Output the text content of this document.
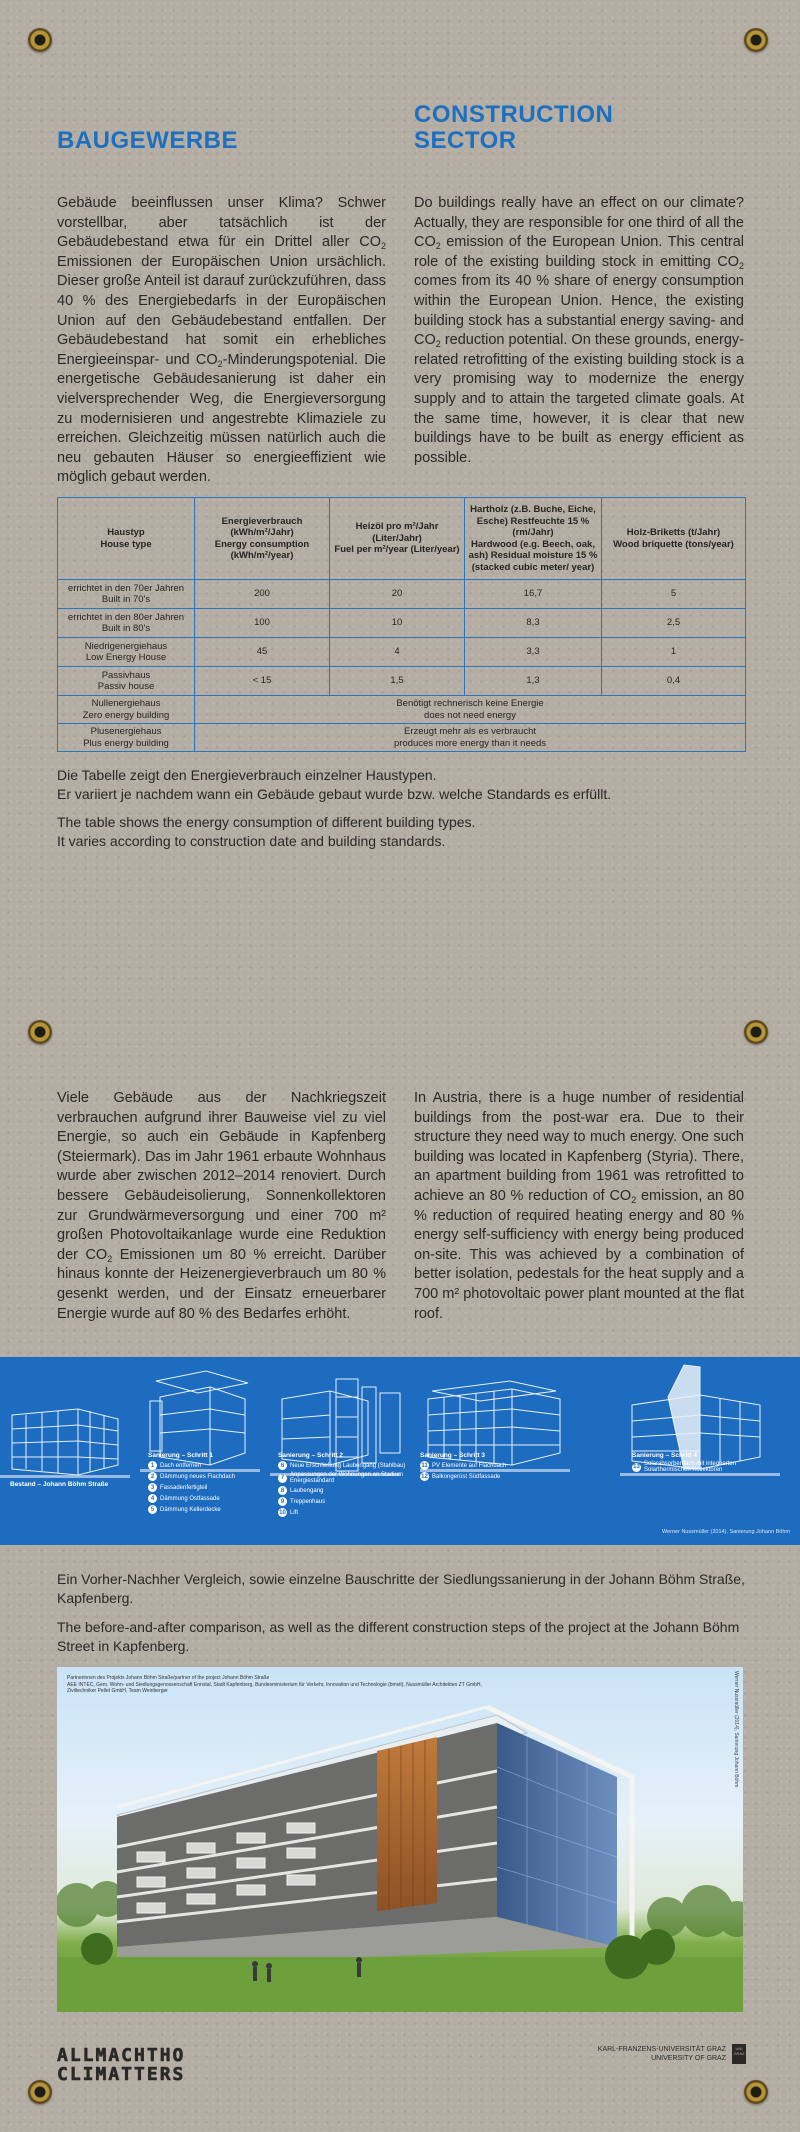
BAUGEWERBE
CONSTRUCTION
SECTOR

Gebäude beeinflussen unser Klima? Schwer vorstellbar, aber tatsächlich ist der Gebäudebestand etwa für ein Drittel aller $CO_2$ Emissionen der Europäischen Union ursächlich. Dieser große Anteil ist darauf zurückzuführen, dass 40 % des Energiebedarfs in der Europäischen Union auf den Gebäudebestand entfallen. Der Gebäudebestand hat somit ein erhebliches Energieeinspar- und $CO_2$-Minderungspotenial. Die energetische Gebäudesanierung ist daher ein vielversprechender Weg, die Energieversorgung zu modernisieren und angestrebte Klimaziele zu erreichen. Gleichzeitig müssen natürlich auch die neu gebauten Häuser so energieeffizient wie möglich gebaut werden.

Do buildings really have an effect on our climate? Actually, they are responsible for one third of all the $CO_2$ emission of the European Union. This central role of the existing building stock in emitting $CO_2$ comes from its 40 % share of energy consumption within the European Union. Hence, the existing building stock has a substantial energy saving- and $CO_2$ reduction potential. On these grounds, energy-related retrofitting of the existing building stock is a very promising way to modernize the energy supply and to attain the targeted climate goals. At the same time, however, it is clear that new buildings have to be built as energy efficient as possible.

Haustyp
House type	Energieverbrauch (kWh/m²/Jahr)
Energy consumption (kWh/m²/year)	Heizöl pro m²/Jahr (Liter/Jahr)
Fuel per m²/year (Liter/year)	Hartholz (z.B. Buche, Eiche, Esche) Restfeuchte 15 % (rm/Jahr)
Hardwood (e.g. Beech, oak, ash) Residual moisture 15 % (stacked cubic meter/ year)	Holz-Briketts (t/Jahr)
Wood briquette (tons/year)

errichtet in den 70er Jahren
Built in 70's	200	20	16,7	5

errichtet in den 80er Jahren
Built in 80's	100	10	8,3	2,5

Niedrigenergiehaus
Low Energy House	45	4	3,3	1

Passivhaus
Passiv house	< 15	1,5	1,3	0,4

Nullenergiehaus
Zero energy building	Benötigt rechnerisch keine Energie
does not need energy			

Plusenergiehaus
Plus energy building	Erzeugt mehr als es verbraucht
produces more energy than it needs			

Die Tabelle zeigt den Energieverbrauch einzelner Haustypen.

Er variiert je nachdem wann ein Gebäude gebaut wurde bzw. welche Standards es erfüllt.

The table shows the energy consumption of different building types.

It varies according to construction date and building standards.

Viele Gebäude aus der Nachkriegszeit verbrauchen aufgrund ihrer Bauweise viel zu viel Energie, so auch ein Gebäude in Kapfenberg (Steiermark). Das im Jahr 1961 erbaute Wohnhaus wurde aber zwischen 2012–2014 renoviert. Durch bessere Gebäudeisolierung, Sonnenkollektoren zur Grundwärmeversorgung und einer 700 m² großen Photovoltaikanlage wurde eine Reduktion der $CO_2$ Emissionen um 80 % erreicht. Darüber hinaus konnte der Heizenergieverbrauch um 80 % gesenkt werden, und der Einsatz erneuerbarer Energie wurde auf 80 % des Bedarfes erhöht.

In Austria, there is a huge number of residential buildings from the post-war era. Due to their structure they need way to much energy. One such building was located in Kapfenberg (Styria). There, an apartment building from 1961 was retrofitted to achieve an 80 % reduction of $CO_2$ emission, an 80 % reduction of required heating energy and 80 % energy self-sufficiency with energy being produced on-site. This was achieved by a combination of better isolation, pedestals for the heat supply and a 700 m² photovoltaic power plant mounted at the flat roof.

Bestand – Johann Böhm Straße
Sanierung – Schritt 1
1 Dach entfernen
2 Dämmung neues Flachdach
3 Fassadenfertigteil
4 Dämmung Ostfassade
5 Dämmung Kellerdecke
Sanierung – Schritt 2
6 Neue Erschließung Laubengang (Stahlbau)
7 Anpassungen der Wohnungen an Stadium Energiestandard
8 Laubengang
9 Treppenhaus
10 Lift
Sanierung – Schritt 3
11 PV Elemente auf Flachdach
12 Balkongerüst Südfassade
Sanierung – Schritt 4
13 Solarabsorberdach mit integrierten Solarthermischen Kollektoren
Werner Nussmüller (2014), Sanierung Johann Böhm

Ein Vorher-Nachher Vergleich, sowie einzelne Bauschritte der Siedlungssanierung in der Johann Böhm Straße, Kapfenberg.

The before-and-after comparison, as well as the different construction steps of the project at the Johann Böhm Street in Kapfenberg.

Partnerinnen des Projekts Johann Böhm Straße/partner of the project Johann Böhm Straße
AEE INTEC, Gem. Wohn- und Siedlungsgenossenschaft Ennstal, Stadt Kapfenberg, Bundesministerium für Verkehr, Innovation und Technologie (bmvit), Nussmüller Architekten ZT GmbH, Ziviltechniker Pellet GmbH, Team Weinberger	Werner Nussmüller (2014), Sanierung Johann Böhm
ALLMACHTHO
CLIMATTERS
KARL-FRANZENS-UNIVERSITÄT GRAZ
UNIVERSITY OF GRAZ
UNI GRAZ
